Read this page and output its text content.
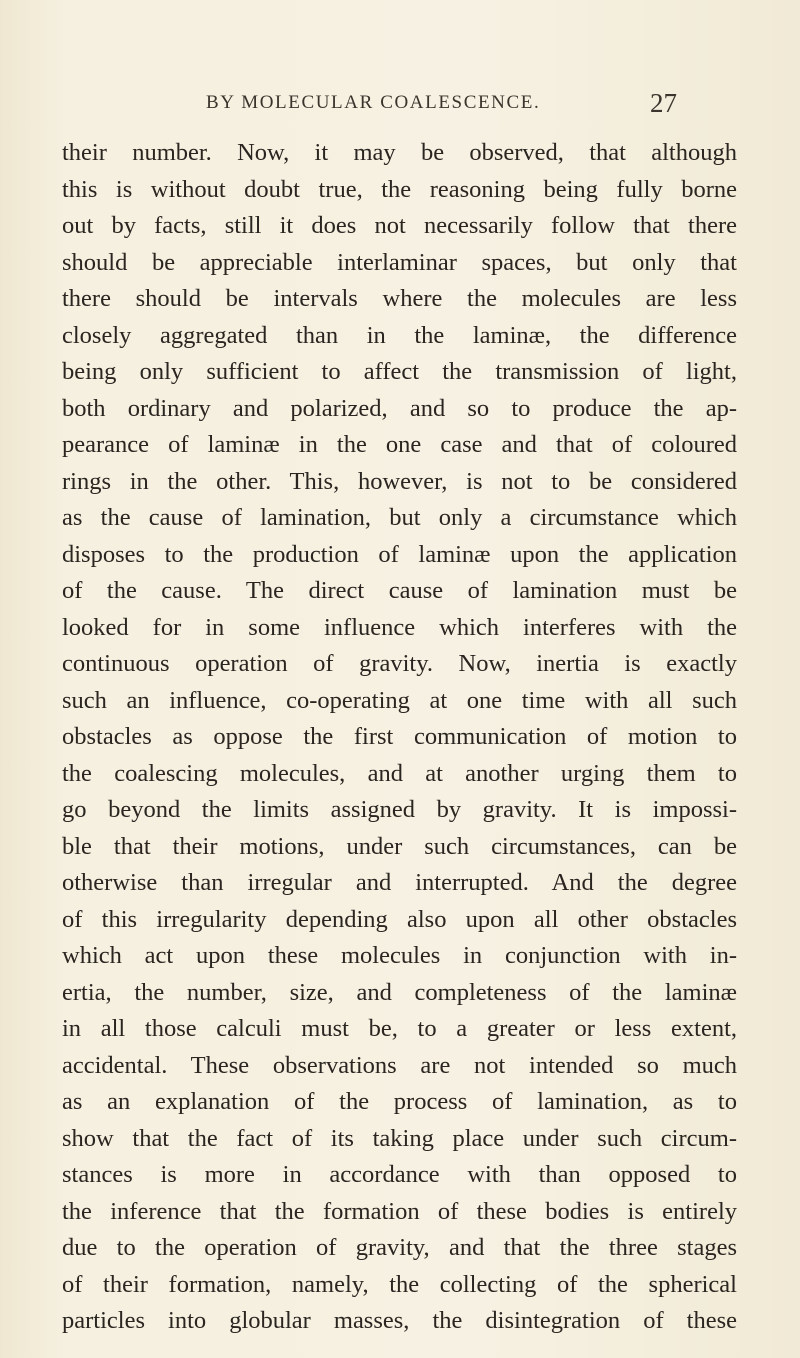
BY MOLECULAR COALESCENCE.	27
their number. Now, it may be observed, that although
this is without doubt true, the reasoning being fully borne
out by facts, still it does not necessarily follow that there
should be appreciable interlaminar spaces, but only that
there should be intervals where the molecules are less
closely aggregated than in the laminæ, the difference
being only sufficient to affect the transmission of light,
both ordinary and polarized, and so to produce the ap-
pearance of laminæ in the one case and that of coloured
rings in the other. This, however, is not to be considered
as the cause of lamination, but only a circumstance which
disposes to the production of laminæ upon the application
of the cause. The direct cause of lamination must be
looked for in some influence which interferes with the
continuous operation of gravity. Now, inertia is exactly
such an influence, co-operating at one time with all such
obstacles as oppose the first communication of motion to
the coalescing molecules, and at another urging them to
go beyond the limits assigned by gravity. It is impossi-
ble that their motions, under such circumstances, can be
otherwise than irregular and interrupted. And the degree
of this irregularity depending also upon all other obstacles
which act upon these molecules in conjunction with in-
ertia, the number, size, and completeness of the laminæ
in all those calculi must be, to a greater or less extent,
accidental. These observations are not intended so much
as an explanation of the process of lamination, as to
show that the fact of its taking place under such circum-
stances is more in accordance with than opposed to
the inference that the formation of these bodies is entirely
due to the operation of gravity, and that the three stages
of their formation, namely, the collecting of the spherical
particles into globular masses, the disintegration of these
